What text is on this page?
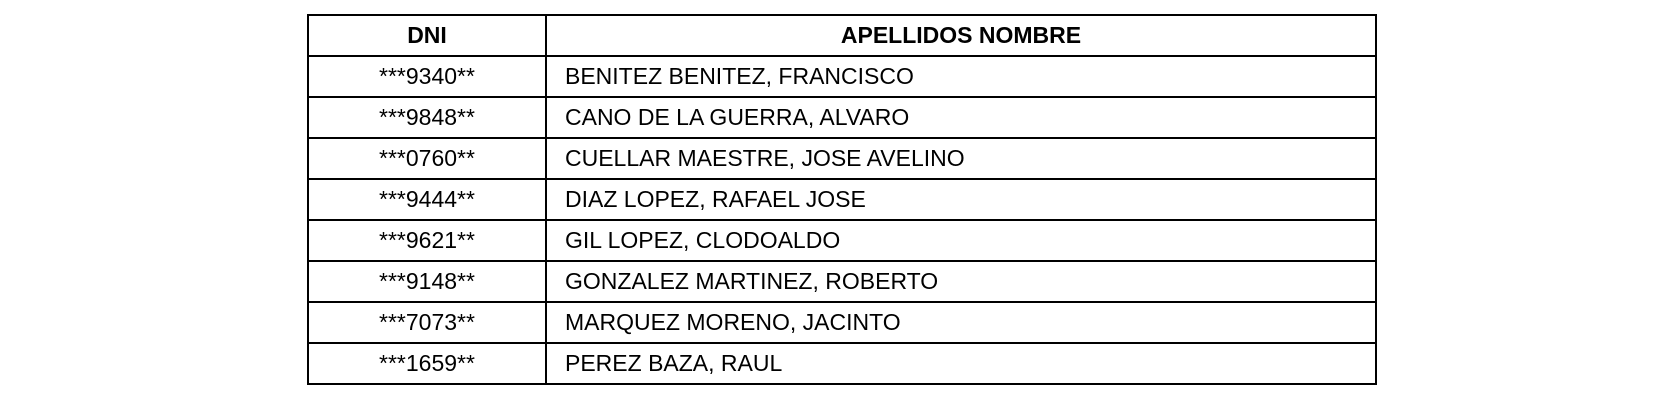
DNI	APELLIDOS NOMBRE
***9340**	BENITEZ BENITEZ, FRANCISCO
***9848**	CANO DE LA GUERRA, ALVARO
***0760**	CUELLAR MAESTRE, JOSE AVELINO
***9444**	DIAZ LOPEZ, RAFAEL JOSE
***9621**	GIL LOPEZ, CLODOALDO
***9148**	GONZALEZ MARTINEZ, ROBERTO
***7073**	MARQUEZ MORENO, JACINTO
***1659**	PEREZ BAZA, RAUL
